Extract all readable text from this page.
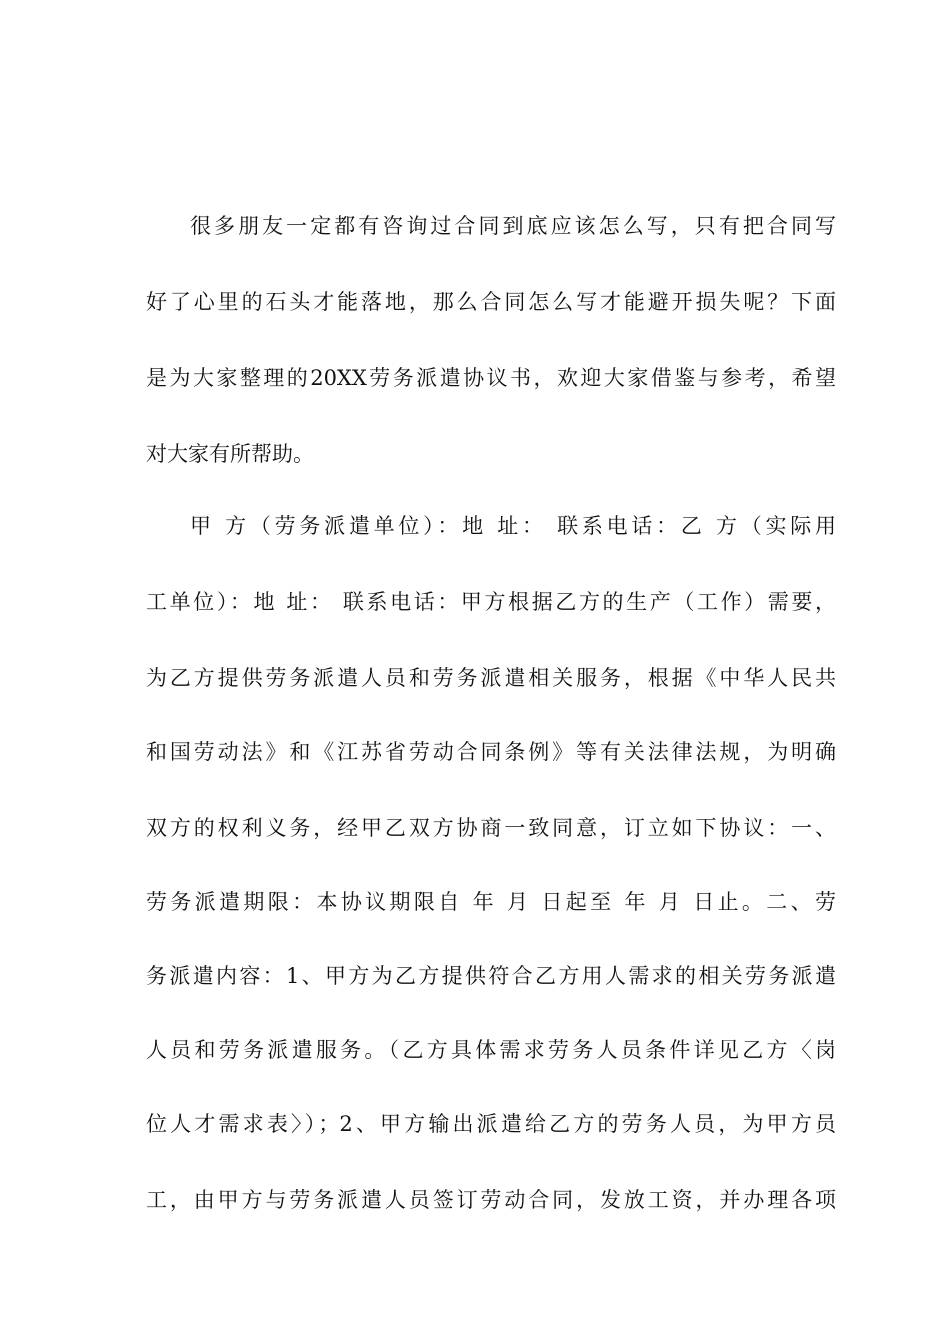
很多朋友一定都有咨询过合同到底应该怎么写，只有把合同写
好了心里的石头才能落地，那么合同怎么写才能避开损失呢？下面
是为大家整理的20XX劳务派遣协议书，欢迎大家借鉴与参考，希望
对大家有所帮助。
甲 方（劳务派遣单位）：地 址： 联系电话：乙 方（实际用
工单位）：地 址： 联系电话：甲方根据乙方的生产（工作）需要，
为乙方提供劳务派遣人员和劳务派遣相关服务，根据《中华人民共
和国劳动法》和《江苏省劳动合同条例》等有关法律法规，为明确
双方的权利义务，经甲乙双方协商一致同意，订立如下协议：一、
劳务派遣期限：本协议期限自 年 月 日起至 年 月 日止。二、劳
务派遣内容：1、甲方为乙方提供符合乙方用人需求的相关劳务派遣
人员和劳务派遣服务。（乙方具体需求劳务人员条件详见乙方〈岗
位人才需求表〉）；2、甲方输出派遣给乙方的劳务人员，为甲方员
工，由甲方与劳务派遣人员签订劳动合同，发放工资，并办理各项
